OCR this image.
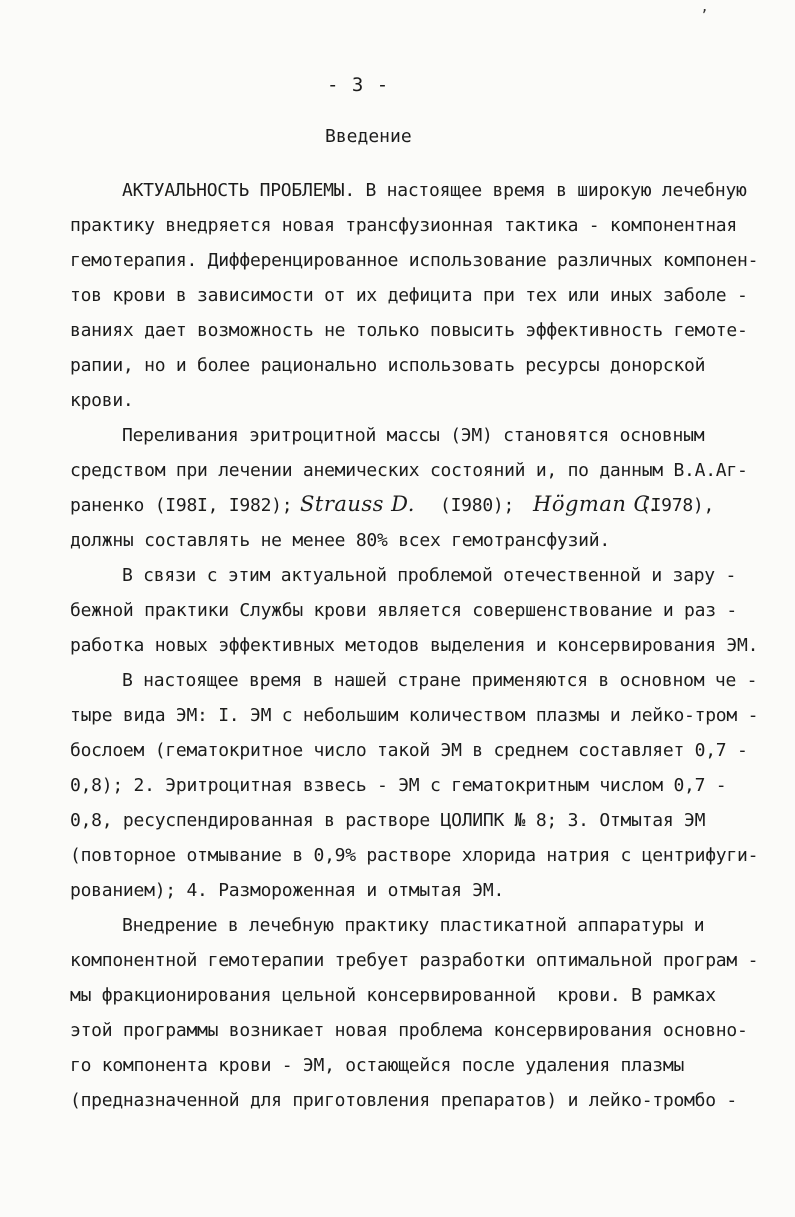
’
- 3 -
Введение
АКТУАЛЬНОСТЬ ПРОБЛЕМЫ. В настоящее время в широкую лечебную
практику внедряется новая трансфузионная тактика - компонентная
гемотерапия. Дифференцированное использование различных компонен-
тов крови в зависимости от их дефицита при тех или иных заболе -
ваниях дает возможность не только повысить эффективность гемоте-
рапии, но и более рационально использовать ресурсы донорской
крови.
Переливания эритроцитной массы (ЭМ) становятся основным
средством при лечении анемических состояний и, по данным В.А.Аг-
раненко (I98I, I982); Strauss D. (I980); Högman C.
(I978),
должны составлять не менее 80% всех гемотрансфузий.
В связи с этим актуальной проблемой отечественной и зару -
бежной практики Службы крови является совершенствование и раз -
работка новых эффективных методов выделения и консервирования ЭМ.
В настоящее время в нашей стране применяются в основном че -
тыре вида ЭМ: I. ЭМ с небольшим количеством плазмы и лейко-тром -
бослоем (гематокритное число такой ЭМ в среднем составляет 0,7 -
0,8); 2. Эритроцитная взвесь - ЭМ с гематокритным числом 0,7 -
0,8, ресуспендированная в растворе ЦОЛИПК № 8; 3. Отмытая ЭМ
(повторное отмывание в 0,9% растворе хлорида натрия с центрифуги-
рованием); 4. Размороженная и отмытая ЭМ.
Внедрение в лечебную практику пластикатной аппаратуры и
компонентной гемотерапии требует разработки оптимальной програм -
мы фракционирования цельной консервированной  крови. В рамках
этой программы возникает новая проблема консервирования основно-
го компонента крови - ЭМ, остающейся после удаления плазмы
(предназначенной для приготовления препаратов) и лейко-тромбо -
